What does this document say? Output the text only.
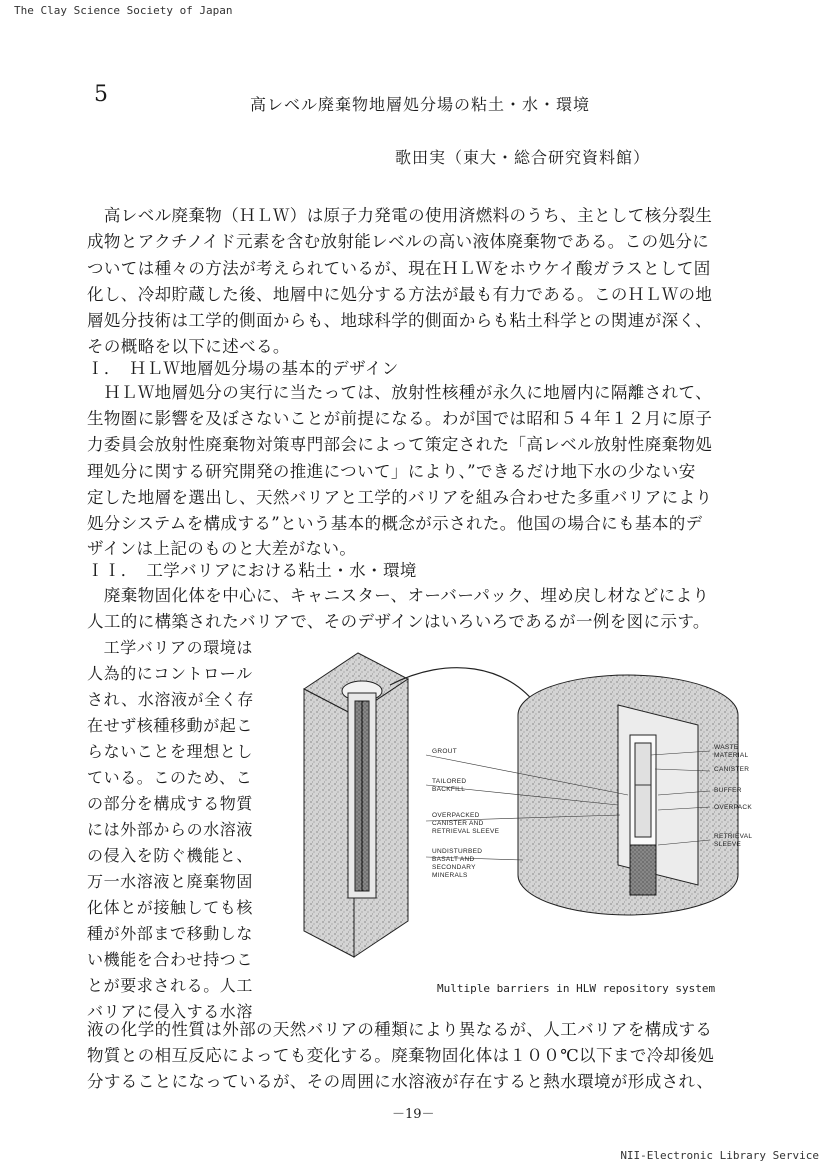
The Clay Science Society of Japan
5	高レベル廃棄物地層処分場の粘土・水・環境
歌田実（東大・総合研究資料館）
　高レベル廃棄物（ＨＬＷ）は原子力発電の使用済燃料のうち、主として核分裂生
成物とアクチノイド元素を含む放射能レベルの高い液体廃棄物である。この処分に
ついては種々の方法が考えられているが、現在ＨＬＷをホウケイ酸ガラスとして固
化し、冷却貯蔵した後、地層中に処分する方法が最も有力である。このＨＬＷの地
層処分技術は工学的側面からも、地球科学的側面からも粘土科学との関連が深く、
その概略を以下に述べる。
Ｉ．　ＨＬＷ地層処分場の基本的デザイン
　ＨＬＷ地層処分の実行に当たっては、放射性核種が永久に地層内に隔離されて、
生物圏に影響を及ぼさないことが前提になる。わが国では昭和５４年１２月に原子
力委員会放射性廃棄物対策専門部会によって策定された「高レベル放射性廃棄物処
理処分に関する研究開発の推進について」により、”できるだけ地下水の少ない安
定した地層を選出し、天然バリアと工学的バリアを組み合わせた多重バリアにより
処分システムを構成する”という基本的概念が示された。他国の場合にも基本的デ
ザインは上記のものと大差がない。
ＩＩ．　工学バリアにおける粘土・水・環境
　廃棄物固化体を中心に、キャニスター、オーバーパック、埋め戻し材などにより
人工的に構築されたバリアで、そのデザインはいろいろであるが一例を図に示す。
　工学バリアの環境は
人為的にコントロール
され、水溶液が全く存
在せず核種移動が起こ
らないことを理想とし
ている。このため、こ
の部分を構成する物質
には外部からの水溶液
の侵入を防ぐ機能と、
万一水溶液と廃棄物固
化体とが接触しても核
種が外部まで移動しな
い機能を合わせ持つこ
とが要求される。人工
バリアに侵入する水溶
GROUT
TAILORED
BACKFILL
OVERPACKED
CANISTER AND
RETRIEVAL SLEEVE
UNDISTURBED
BASALT AND
SECONDARY
MINERALS
WASTE
MATERIAL
CANISTER
BUFFER
OVERPACK
RETRIEVAL
SLEEVE
Multiple barriers in HLW repository system
液の化学的性質は外部の天然バリアの種類により異なるが、人工バリアを構成する
物質との相互反応によっても変化する。廃棄物固化体は１００℃以下まで冷却後処
分することになっているが、その周囲に水溶液が存在すると熱水環境が形成され、
－19－
NII-Electronic Library Service
